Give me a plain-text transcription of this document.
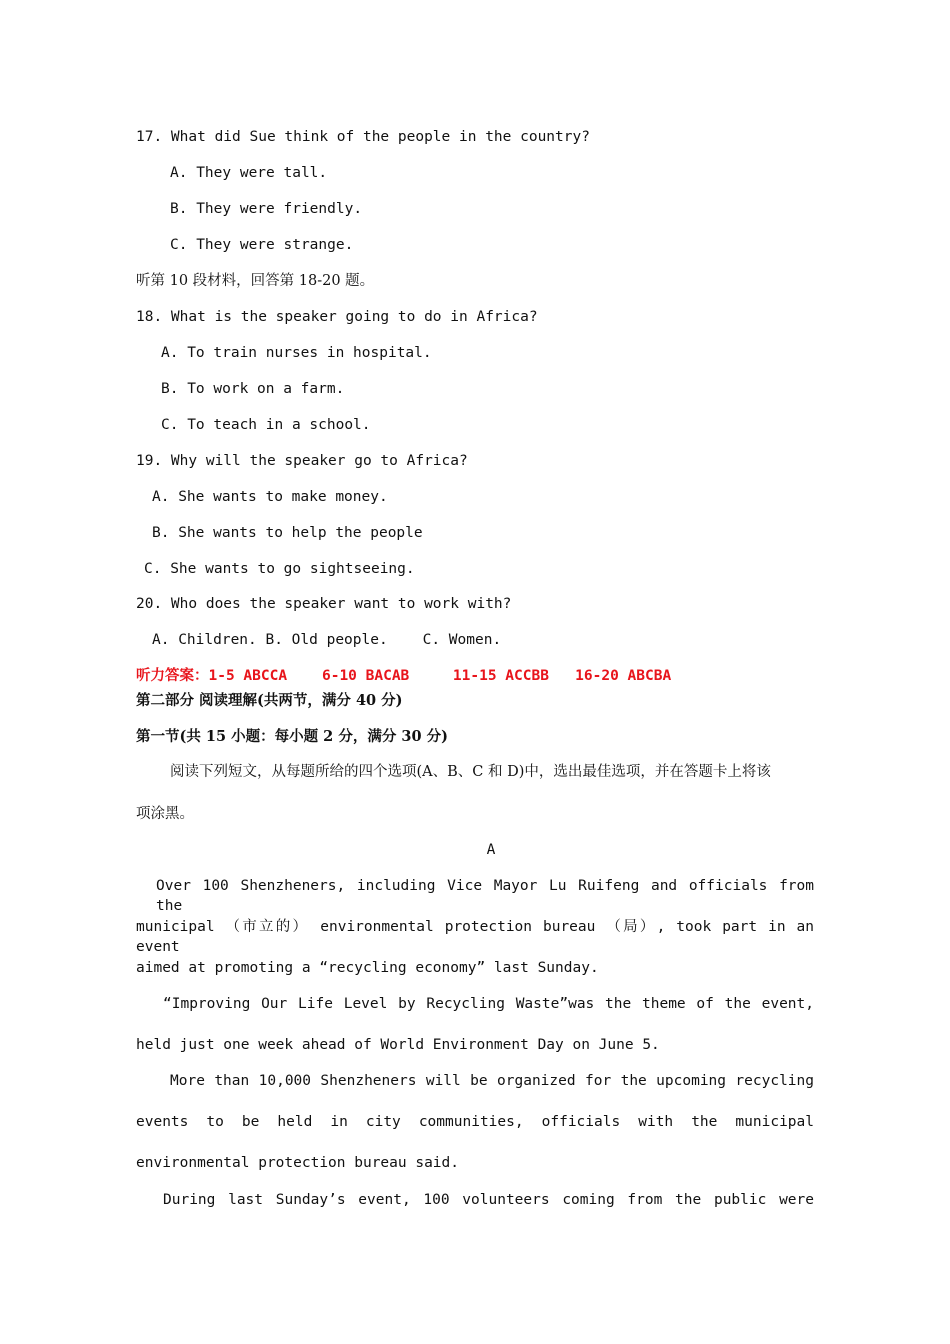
17. What did Sue think of the people in the country?
A. They were tall.
B. They were friendly.
C. They were strange.
听第 10 段材料，回答第 18-20 题。
18. What is the speaker going to do in Africa?
A. To train nurses in hospital.
B. To work on a farm.
C. To teach in a school.
19. Why will the speaker go to Africa?
A. She wants to make money.
B. She wants to help the people
C. She wants to go sightseeing.
20. Who does the speaker want to work with?
A. Children. B. Old people.    C. Women.
听力答案：1-5 ABCCA    6-10 BACAB     11-15 ACCBB   16-20 ABCBA
第二部分 阅读理解(共两节，满分 40 分)
第一节(共 15 小题：每小题 2 分，满分 30 分)
阅读下列短文，从每题所给的四个选项(A、B、C 和 D)中，选出最佳选项，并在答题卡上将该
项涂黑。
A
Over 100 Shenzheners, including Vice Mayor Lu Ruifeng and officials from the
municipal （市立的） environmental protection bureau （局）, took part in an event
aimed at promoting a “recycling economy” last Sunday.
“Improving Our Life Level by Recycling Waste”was the theme of the event,
held just one week ahead of World Environment Day on June 5.
More than 10,000 Shenzheners will be organized for the upcoming recycling
events to be held in city communities, officials with the municipal
environmental protection bureau said.
During last Sunday’s event, 100 volunteers coming from the public were
